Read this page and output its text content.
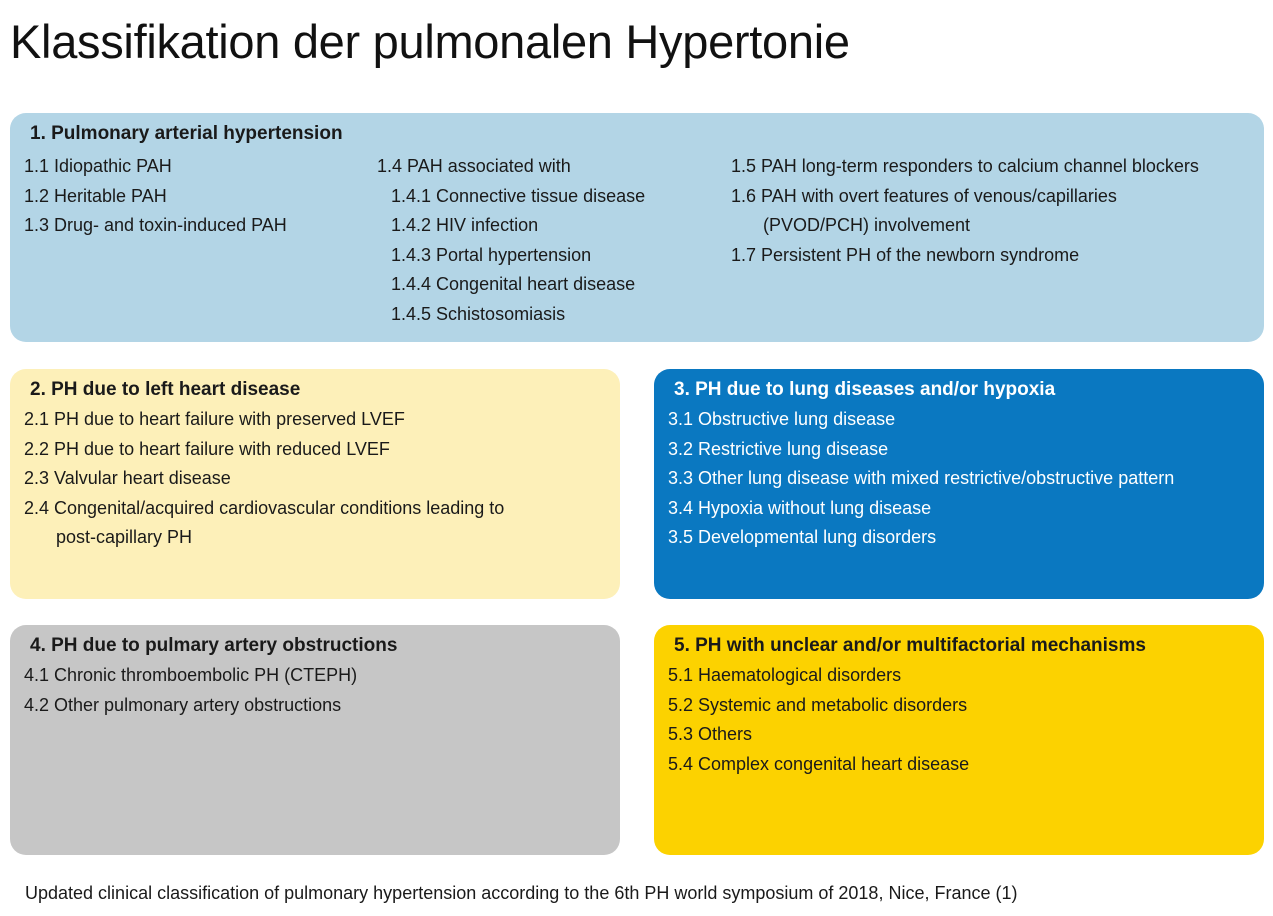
Klassifikation der pulmonalen Hypertonie
1. Pulmonary arterial hypertension
1.1 Idiopathic PAH
1.2 Heritable PAH
1.3 Drug- and toxin-induced PAH
1.4 PAH associated with
1.4.1 Connective tissue disease
1.4.2 HIV infection
1.4.3 Portal hypertension
1.4.4 Congenital heart disease
1.4.5 Schistosomiasis
1.5 PAH long-term responders to calcium channel blockers
1.6 PAH with overt features of venous/capillaries
(PVOD/PCH) involvement
1.7 Persistent PH of the newborn syndrome
2. PH due to left heart disease
2.1 PH due to heart failure with preserved LVEF
2.2 PH due to heart failure with reduced LVEF
2.3 Valvular heart disease
2.4 Congenital/acquired cardiovascular conditions leading to
post-capillary PH
3. PH due to lung diseases and/or hypoxia
3.1 Obstructive lung disease
3.2 Restrictive lung disease
3.3 Other lung disease with mixed restrictive/obstructive pattern
3.4 Hypoxia without lung disease
3.5 Developmental lung disorders
4. PH due to pulmary artery obstructions
4.1 Chronic thromboembolic PH (CTEPH)
4.2 Other pulmonary artery obstructions
5. PH with unclear and/or multifactorial mechanisms
5.1 Haematological disorders
5.2 Systemic and metabolic disorders
5.3 Others
5.4 Complex congenital heart disease
Updated clinical classification of pulmonary hypertension according to the 6th PH world symposium of 2018, Nice, France (1)
